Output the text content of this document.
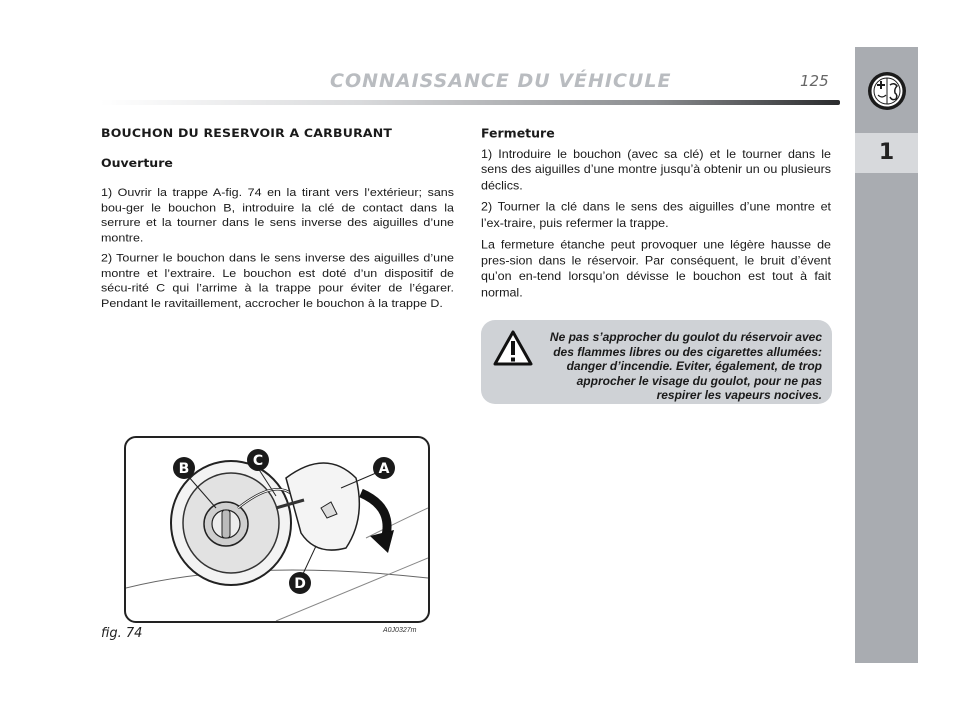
CONNAISSANCE DU VÉHICULE	125
1
BOUCHON DU RESERVOIR A CARBURANT
Ouverture

1) Ouvrir la trappe A-fig. 74 en la tirant vers l’extérieur; sans bou-ger le bouchon B, introduire la clé de contact dans la serrure et la tourner dans le sens inverse des aiguilles d’une montre.

2) Tourner le bouchon dans le sens inverse des aiguilles d’une montre et l’extraire. Le bouchon est doté d’un dispositif de sécu-rité C qui l’arrime à la trappe pour éviter de l’égarer. Pendant le ravitaillement, accrocher le bouchon à la trappe D.

Fermeture

1) Introduire le bouchon (avec sa clé) et le tourner dans le sens des aiguilles d’une montre jusqu’à obtenir un ou plusieurs déclics.

2) Tourner la clé dans le sens des aiguilles d’une montre et l’ex-traire, puis refermer la trappe.

La fermeture étanche peut provoquer une légère hausse de pres-sion dans le réservoir. Par conséquent, le bruit d’évent qu’on en-tend lorsqu’on dévisse le bouchon est tout à fait normal.

Ne pas s’approcher du goulot du réservoir avec des flammes libres ou des cigarettes allumées: danger d’incendie. Eviter, également, de trop approcher le visage du goulot, pour ne pas respirer les vapeurs nocives.
B	C	A
D
fig. 74	A0J0327m
